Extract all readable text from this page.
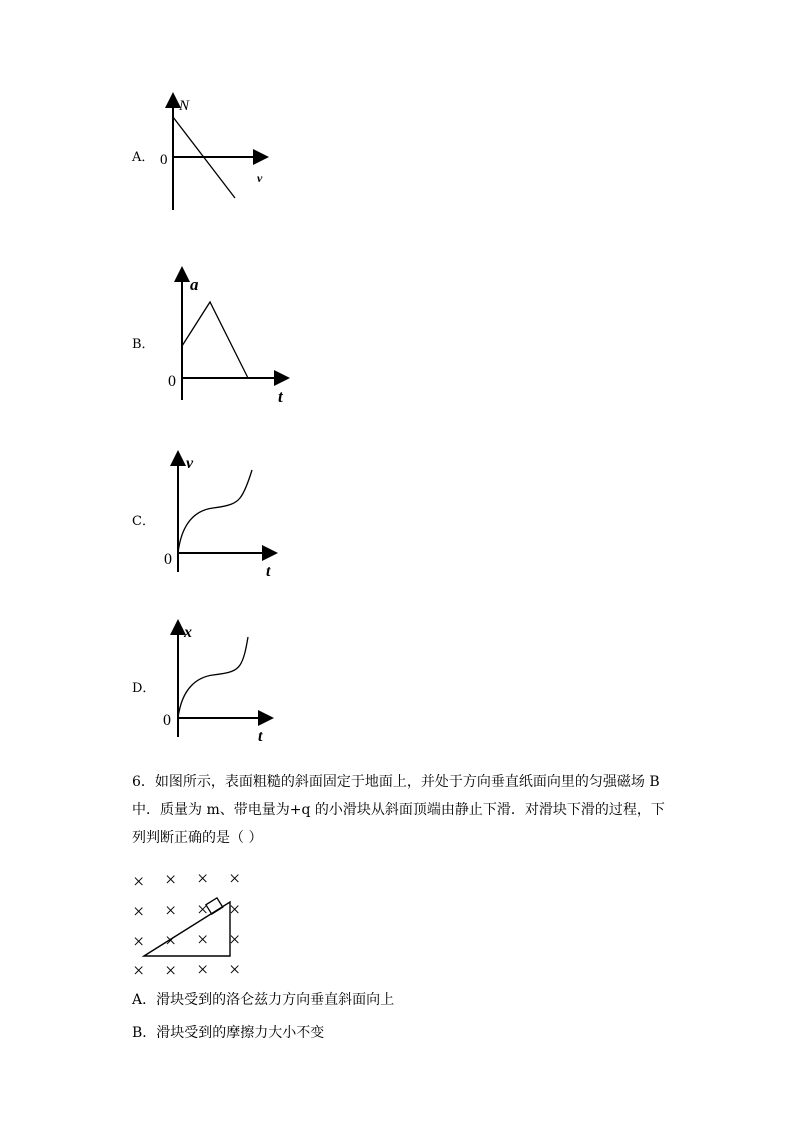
A．
N
v
0
B．
a
t
0
C．
v
t
0
D．
x
t
0
6．如图所示，表面粗糙的斜面固定于地面上，并处于方向垂直纸面向里的匀强磁场 B
中．质量为 m、带电量为+q 的小滑块从斜面顶端由静止下滑．对滑块下滑的过程，下
列判断正确的是（ ）
× × × ×
× × × ×
× × × ×
× × × ×
A．滑块受到的洛仑兹力方向垂直斜面向上
B．滑块受到的摩擦力大小不变
